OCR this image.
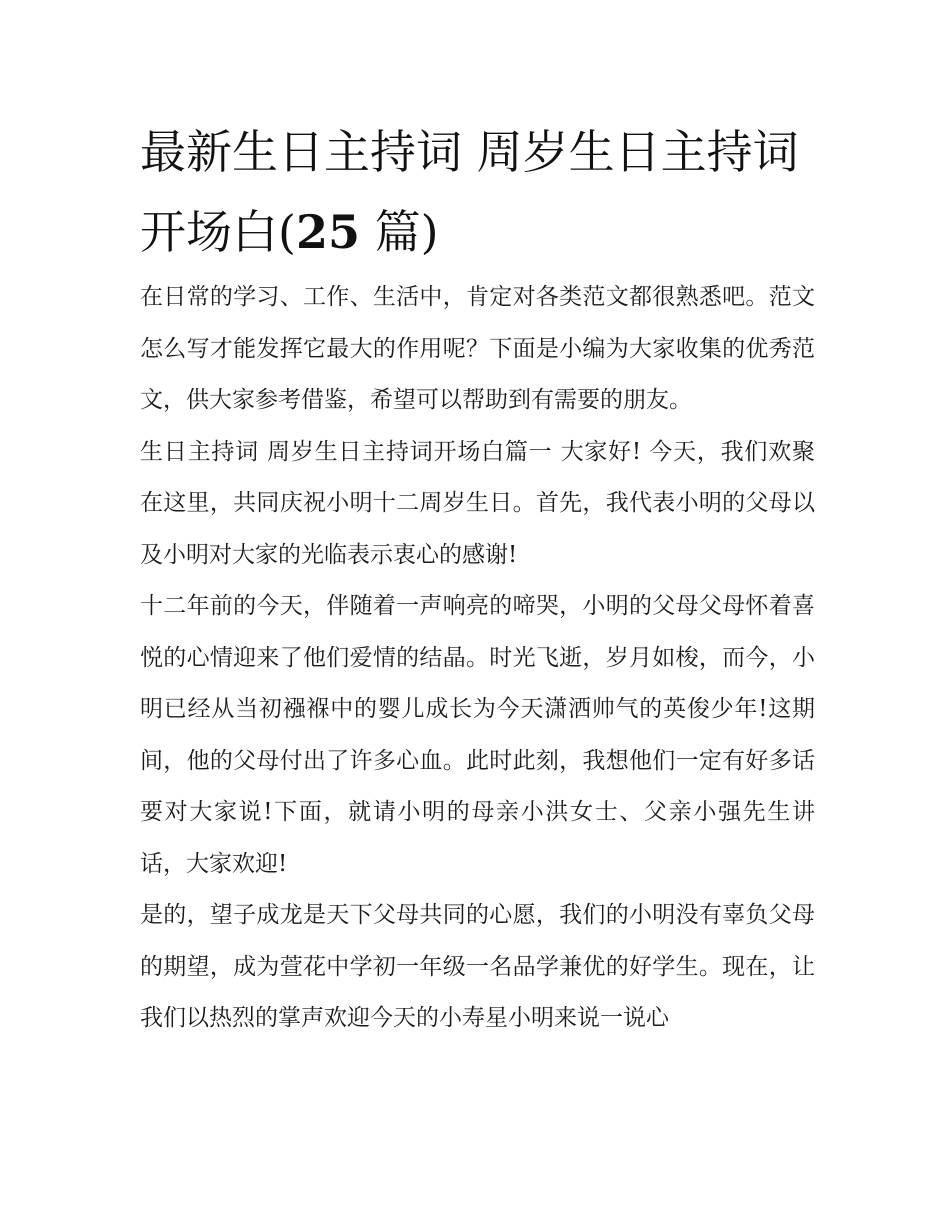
最新生日主持词 周岁生日主持词开场白(25 篇)

在日常的学习、工作、生活中，肯定对各类范文都很熟悉吧。范文怎么写才能发挥它最大的作用呢？下面是小编为大家收集的优秀范文，供大家参考借鉴，希望可以帮助到有需要的朋友。

生日主持词 周岁生日主持词开场白篇一 大家好! 今天，我们欢聚在这里，共同庆祝小明十二周岁生日。首先，我代表小明的父母以及小明对大家的光临表示衷心的感谢!

十二年前的今天，伴随着一声响亮的啼哭，小明的父母父母怀着喜悦的心情迎来了他们爱情的结晶。时光飞逝，岁月如梭，而今，小明已经从当初襁褓中的婴儿成长为今天潇洒帅气的英俊少年!这期间，他的父母付出了许多心血。此时此刻，我想他们一定有好多话要对大家说!下面，就请小明的母亲小洪女士、父亲小强先生讲话，大家欢迎!

是的，望子成龙是天下父母共同的心愿，我们的小明没有辜负父母的期望，成为萱花中学初一年级一名品学兼优的好学生。现在，让我们以热烈的掌声欢迎今天的小寿星小明来说一说心
